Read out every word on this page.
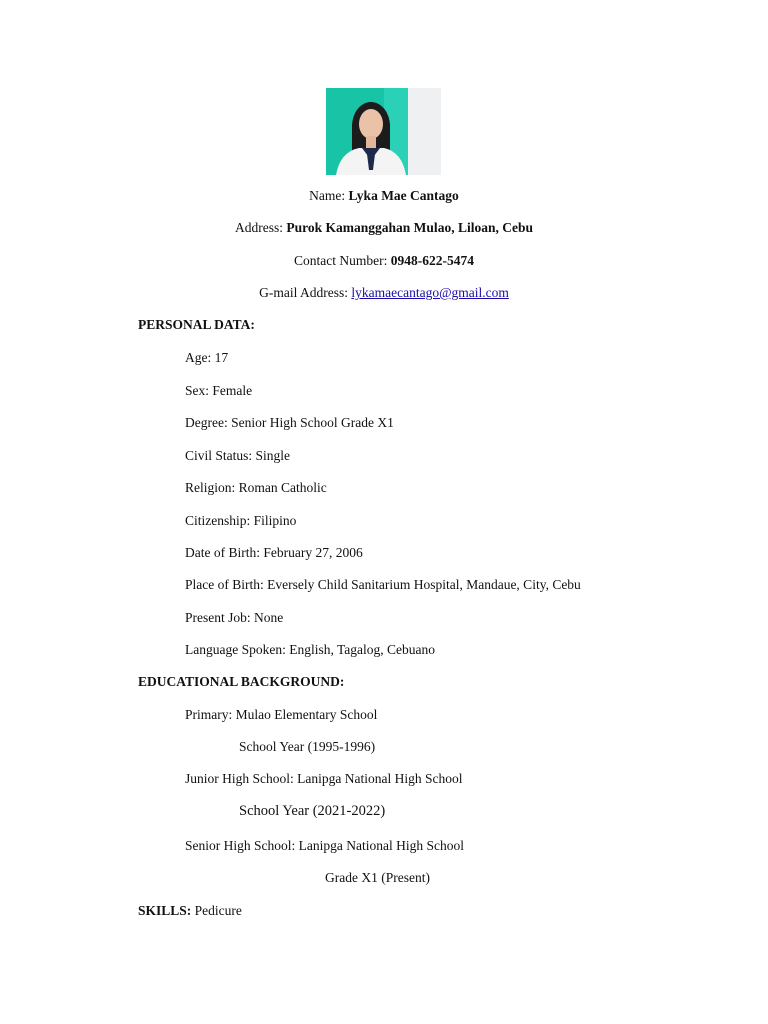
Name: Lyka Mae Cantago
Address: Purok Kamanggahan Mulao, Liloan, Cebu
Contact Number: 0948-622-5474
G-mail Address: lykamaecantago@gmail.com
PERSONAL DATA:
Age: 17
Sex: Female
Degree: Senior High School Grade X1
Civil Status: Single
Religion: Roman Catholic
Citizenship: Filipino
Date of Birth: February 27, 2006
Place of Birth: Eversely Child Sanitarium Hospital, Mandaue, City, Cebu
Present Job: None
Language Spoken: English, Tagalog, Cebuano
EDUCATIONAL BACKGROUND:
Primary: Mulao Elementary School
School Year (1995-1996)
Junior High School: Lanipga National High School
School Year (2021-2022)
Senior High School: Lanipga National High School
Grade X1 (Present)
SKILLS: Pedicure
